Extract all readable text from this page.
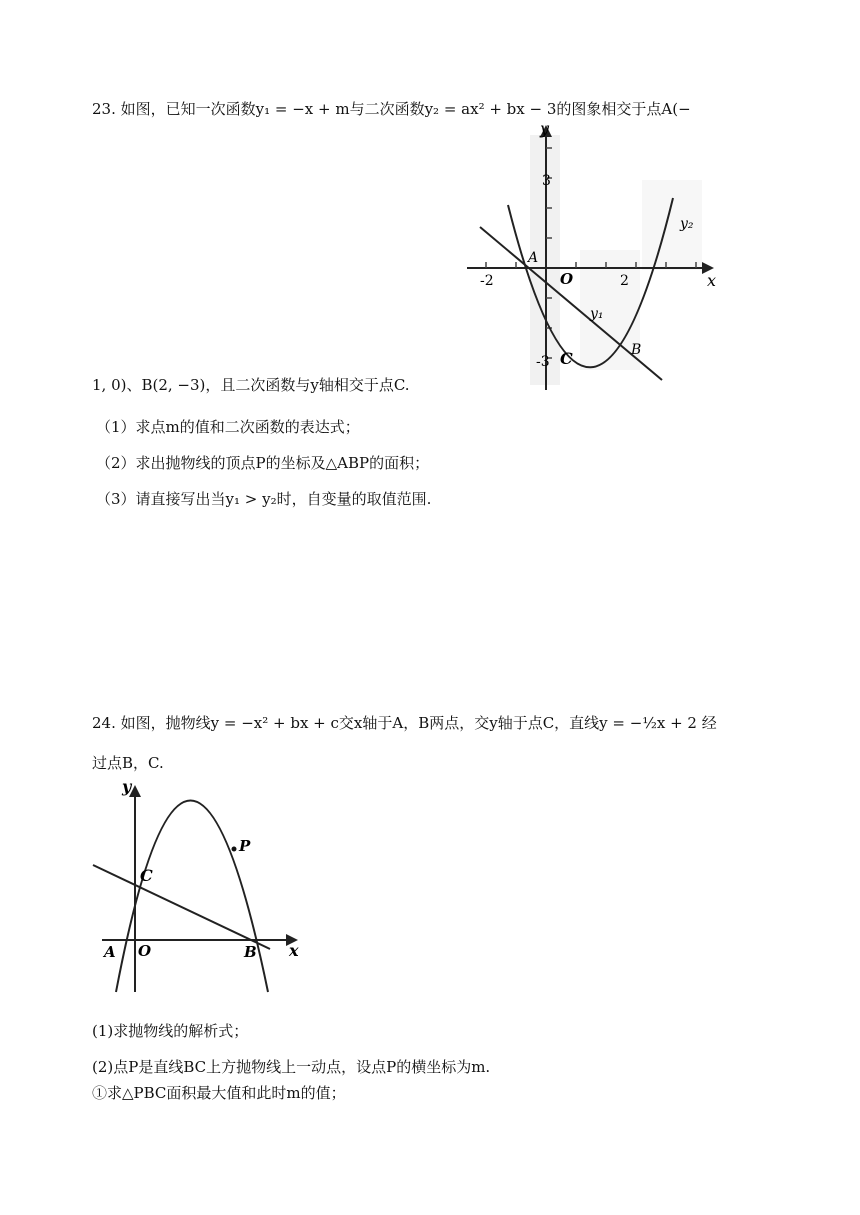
23. 如图，已知一次函数y₁ = −x + m与二次函数y₂ = ax² + bx − 3的图象相交于点A(−
y
x
3
-2	2
-3
A
O
B
C
y₁
y₂
1, 0)、B(2, −3)，且二次函数与y轴相交于点C.
（1）求点m的值和二次函数的表达式；
（2）求出抛物线的顶点P的坐标及△ABP的面积；
（3）请直接写出当y₁ > y₂时，自变量的取值范围.
24. 如图，抛物线y = −x² + bx + c交x轴于A，B两点，交y轴于点C，直线y = −½x + 2 经
过点B，C.
y
x
A O	B
C
P
(1)求抛物线的解析式；
(2)点P是直线BC上方抛物线上一动点，设点P的横坐标为m.
①求△PBC面积最大值和此时m的值；
